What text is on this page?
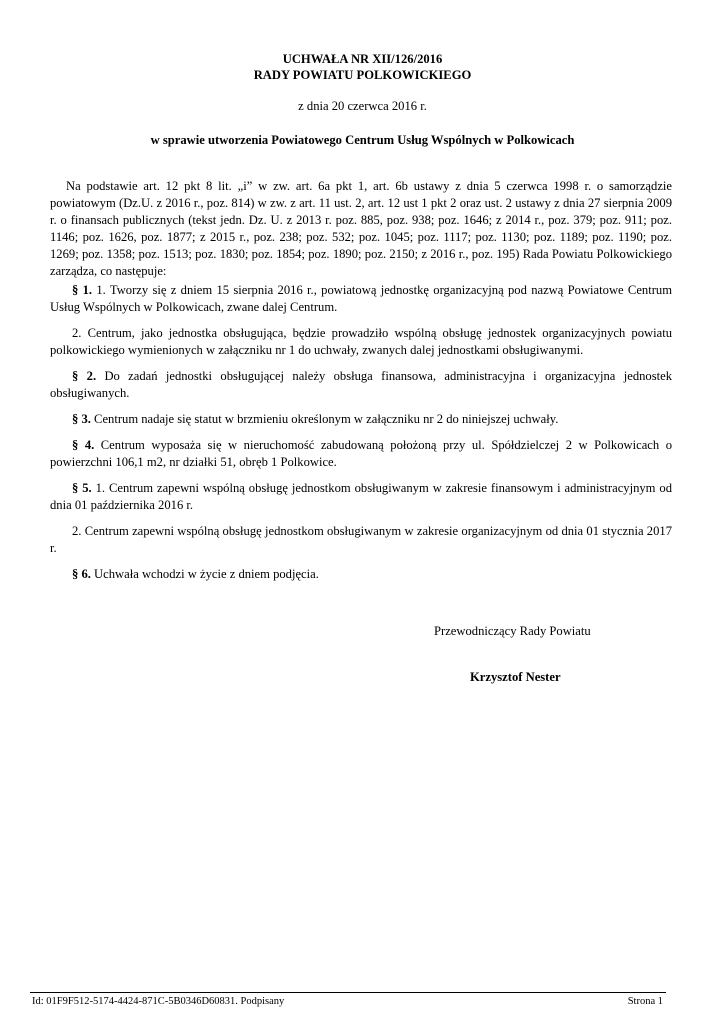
UCHWAŁA NR XII/126/2016
RADY POWIATU POLKOWICKIEGO
z dnia 20 czerwca 2016 r.
w sprawie utworzenia Powiatowego Centrum Usług Wspólnych w Polkowicach

Na podstawie art. 12 pkt 8 lit. „i” w zw. art. 6a pkt 1, art. 6b ustawy z dnia 5 czerwca 1998 r. o samorządzie powiatowym (Dz.U. z 2016 r., poz. 814) w zw. z art. 11 ust. 2, art. 12 ust 1 pkt 2 oraz ust. 2 ustawy z dnia 27 sierpnia 2009 r. o finansach publicznych (tekst jedn. Dz. U. z 2013 r. poz. 885, poz. 938; poz. 1646; z 2014 r., poz. 379; poz. 911; poz. 1146; poz. 1626, poz. 1877; z 2015 r., poz. 238; poz. 532; poz. 1045; poz. 1117; poz. 1130; poz. 1189; poz. 1190; poz. 1269; poz. 1358; poz. 1513; poz. 1830; poz. 1854; poz. 1890; poz. 2150; z 2016 r., poz. 195) Rada Powiatu Polkowickiego zarządza, co następuje:

§ 1. 1. Tworzy się z dniem 15 sierpnia 2016 r., powiatową jednostkę organizacyjną pod nazwą Powiatowe Centrum Usług Wspólnych w Polkowicach, zwane dalej Centrum.

2. Centrum, jako jednostka obsługująca, będzie prowadziło wspólną obsługę jednostek organizacyjnych powiatu polkowickiego wymienionych w załączniku nr 1 do uchwały, zwanych dalej jednostkami obsługiwanymi.

§ 2. Do zadań jednostki obsługującej należy obsługa finansowa, administracyjna i organizacyjna jednostek obsługiwanych.

§ 3. Centrum nadaje się statut w brzmieniu określonym w załączniku nr 2 do niniejszej uchwały.

§ 4. Centrum wyposaża się w nieruchomość zabudowaną położoną przy ul. Spółdzielczej 2 w Polkowicach o powierzchni 106,1 m2, nr działki 51, obręb 1 Polkowice.

§ 5. 1. Centrum zapewni wspólną obsługę jednostkom obsługiwanym w zakresie finansowym i administracyjnym od dnia 01 października 2016 r.

2. Centrum zapewni wspólną obsługę jednostkom obsługiwanym w zakresie organizacyjnym od dnia 01 stycznia 2017 r.

§ 6. Uchwała wchodzi w życie z dniem podjęcia.

Przewodniczący Rady Powiatu
Krzysztof Nester
Id: 01F9F512-5174-4424-871C-5B0346D60831. Podpisany	Strona 1
